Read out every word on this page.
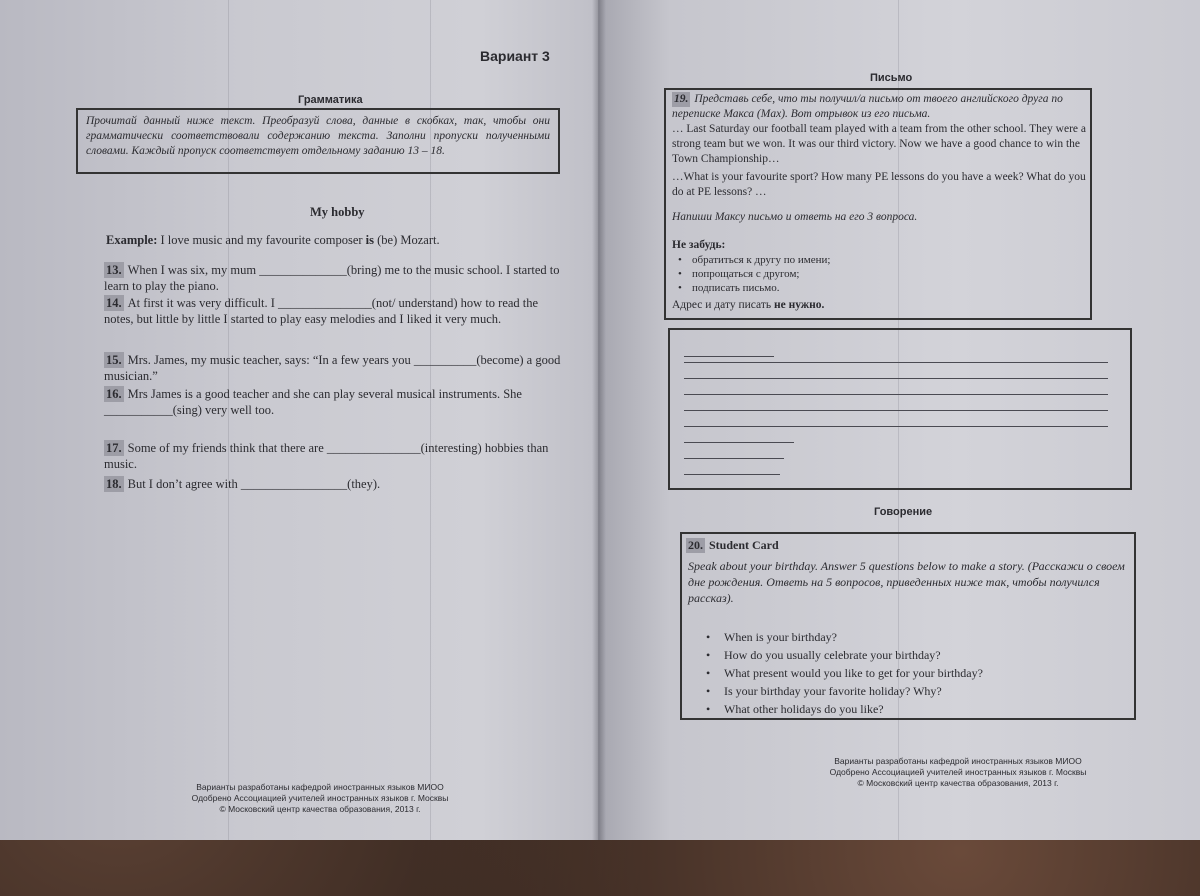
Вариант 3
Грамматика
Прочитай данный ниже текст. Преобразуй слова, данные в скобках, так, чтобы они грамматически соответствовали содержанию текста. Заполни пропуски полученными словами. Каждый пропуск соответствует отдельному заданию 13 – 18.
My hobby
Example: I love music and my favourite composer is (be) Mozart.
13. When I was six, my mum ______________(bring) me to the music school. I started to learn to play the piano.
14. At first it was very difficult. I _______________(not/ understand) how to read the notes, but little by little I started to play easy melodies and I liked it very much.
15. Mrs. James, my music teacher, says: “In a few years you __________(become) a good musician.”
16. Mrs James is a good teacher and she can play several musical instruments. She ___________(sing) very well too.
17. Some of my friends think that there are _______________(interesting) hobbies than music.
18. But I don’t agree with _________________(they).
Варианты разработаны кафедрой иностранных языков МИОО
Одобрено Ассоциацией учителей иностранных языков г. Москвы
© Московский центр качества образования, 2013 г.
Письмо
19. Представь себе, что ты получил/а письмо от твоего английского друга по переписке Макса (Max). Вот отрывок из его письма.
… Last Saturday our football team played with a team from the other school. They were a strong team but we won. It was our third victory. Now we have a good chance to win the Town Championship…
…What is your favourite sport? How many PE lessons do you have a week? What do you do at PE lessons? …
Напиши Максу письмо и ответь на его 3 вопроса.
Не забудь:
• обратиться к другу по имени;
• попрощаться с другом;
• подписать письмо.
Адрес и дату писать не нужно.
Говорение
20. Student Card
Speak about your birthday. Answer 5 questions below to make a story. (Расскажи о своем дне рождения. Ответь на 5 вопросов, приведенных ниже так, чтобы получился рассказ).
• When is your birthday?
• How do you usually celebrate your birthday?
• What present would you like to get for your birthday?
• Is your birthday your favorite holiday? Why?
• What other holidays do you like?
Варианты разработаны кафедрой иностранных языков МИОО
Одобрено Ассоциацией учителей иностранных языков г. Москвы
© Московский центр качества образования, 2013 г.
